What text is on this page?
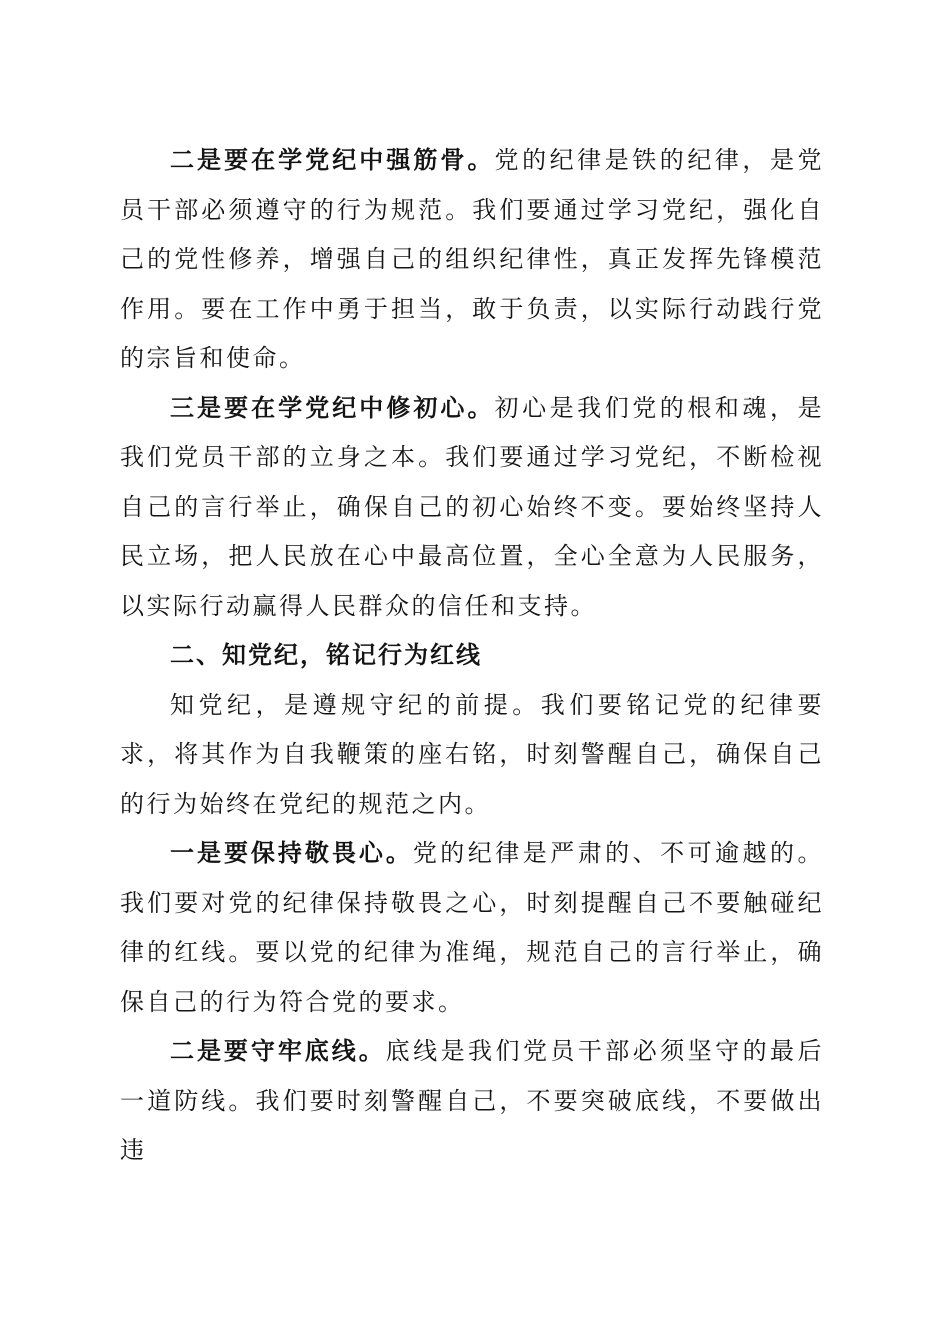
二是要在学党纪中强筋骨。党的纪律是铁的纪律，是党员干部必须遵守的行为规范。我们要通过学习党纪，强化自己的党性修养，增强自己的组织纪律性，真正发挥先锋模范作用。要在工作中勇于担当，敢于负责，以实际行动践行党的宗旨和使命。

三是要在学党纪中修初心。初心是我们党的根和魂，是我们党员干部的立身之本。我们要通过学习党纪，不断检视自己的言行举止，确保自己的初心始终不变。要始终坚持人民立场，把人民放在心中最高位置，全心全意为人民服务，以实际行动赢得人民群众的信任和支持。

二、知党纪，铭记行为红线

知党纪，是遵规守纪的前提。我们要铭记党的纪律要求，将其作为自我鞭策的座右铭，时刻警醒自己，确保自己的行为始终在党纪的规范之内。

一是要保持敬畏心。党的纪律是严肃的、不可逾越的。我们要对党的纪律保持敬畏之心，时刻提醒自己不要触碰纪律的红线。要以党的纪律为准绳，规范自己的言行举止，确保自己的行为符合党的要求。

二是要守牢底线。底线是我们党员干部必须坚守的最后一道防线。我们要时刻警醒自己，不要突破底线，不要做出违
